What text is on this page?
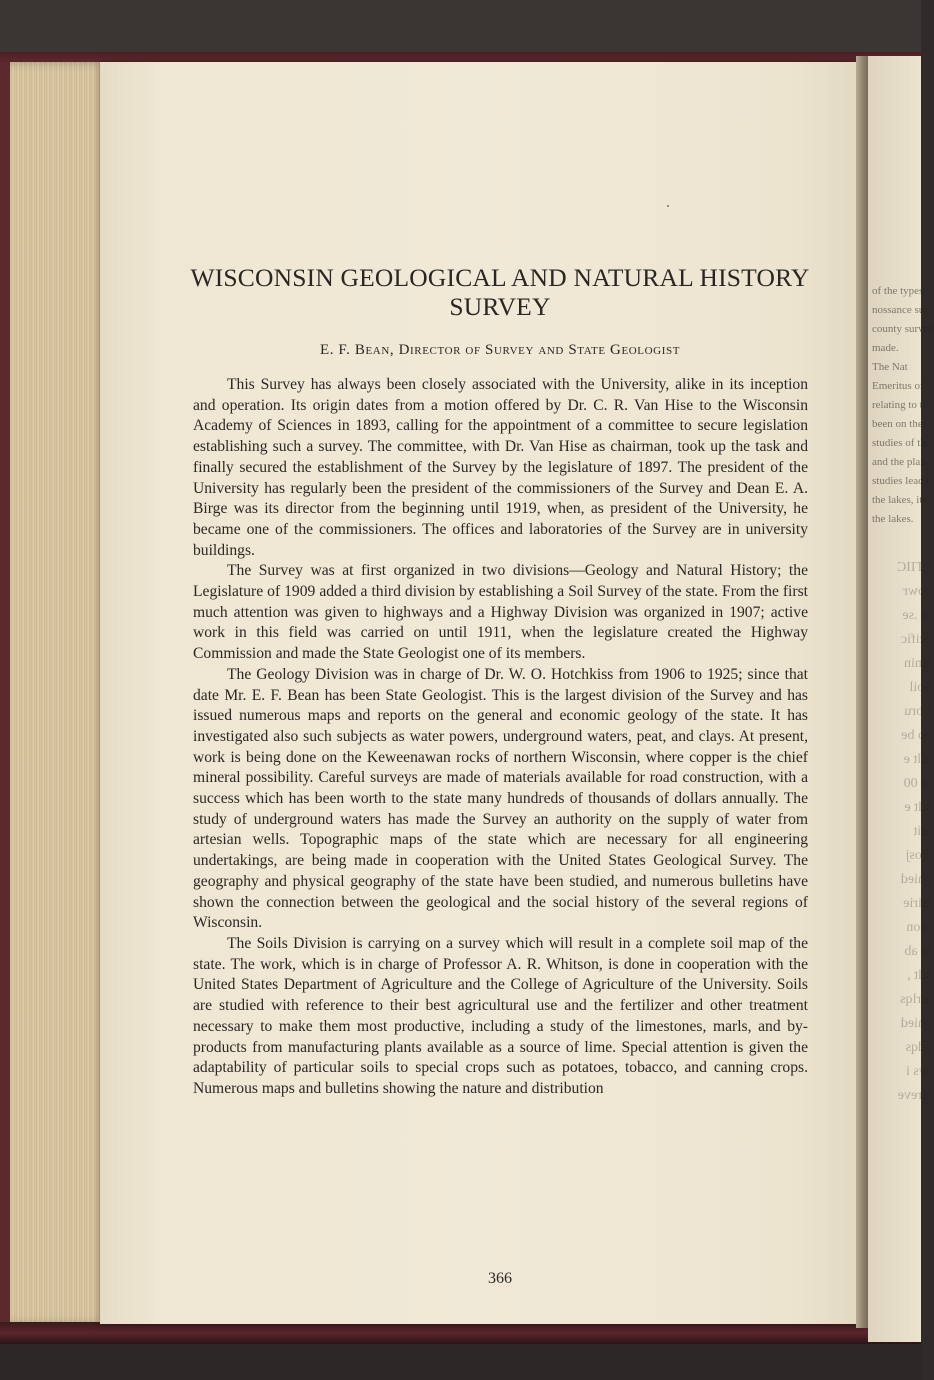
of the types
nossance sur
county survey
made.
The Nat
Emeritus of
relating to t
been on the
studies of th
and the plan
studies lead t
the lakes, its
the lakes.
I TIIC
vowr
m .se
ecific
Isnin
Soil
s bru
no be
erlt e
to 00
srlt e
erit
ejosj
gnied
Isirie
-non
lo ab
srlt ,
oirlqs
gnied
ydqs
evs i
Isreve
WISCONSIN GEOLOGICAL AND NATURAL HISTORY SURVEY

E. F. Bean, Director of Survey and State Geologist

This Survey has always been closely associated with the University, alike in its inception and operation. Its origin dates from a motion offered by Dr. C. R. Van Hise to the Wisconsin Academy of Sciences in 1893, calling for the appointment of a committee to secure legislation establishing such a survey. The committee, with Dr. Van Hise as chairman, took up the task and finally secured the establishment of the Survey by the legislature of 1897. The president of the University has regularly been the president of the commissioners of the Survey and Dean E. A. Birge was its director from the beginning until 1919, when, as president of the University, he became one of the commissioners. The offices and laboratories of the Survey are in university buildings.

The Survey was at first organized in two divisions—Geology and Natural History; the Legislature of 1909 added a third division by establishing a Soil Survey of the state. From the first much attention was given to highways and a Highway Division was organized in 1907; active work in this field was carried on until 1911, when the legislature created the Highway Commission and made the State Geologist one of its members.

The Geology Division was in charge of Dr. W. O. Hotchkiss from 1906 to 1925; since that date Mr. E. F. Bean has been State Geologist. This is the largest division of the Survey and has issued numerous maps and reports on the general and economic geology of the state. It has investigated also such subjects as water powers, underground waters, peat, and clays. At present, work is being done on the Keweenawan rocks of northern Wisconsin, where copper is the chief mineral possibility. Careful surveys are made of materials available for road construction, with a success which has been worth to the state many hundreds of thousands of dollars annually. The study of underground waters has made the Survey an authority on the supply of water from artesian wells. Topographic maps of the state which are necessary for all engineering undertakings, are being made in cooperation with the United States Geological Survey. The geography and physical geography of the state have been studied, and numerous bulletins have shown the connection between the geological and the social history of the several regions of Wisconsin.

The Soils Division is carrying on a survey which will result in a complete soil map of the state. The work, which is in charge of Professor A. R. Whitson, is done in cooperation with the United States Department of Agriculture and the College of Agriculture of the University. Soils are studied with reference to their best agricultural use and the fertilizer and other treatment necessary to make them most productive, including a study of the limestones, marls, and by-products from manufacturing plants available as a source of lime. Special attention is given the adaptability of particular soils to special crops such as potatoes, tobacco, and canning crops. Numerous maps and bulletins showing the nature and distribution

366
